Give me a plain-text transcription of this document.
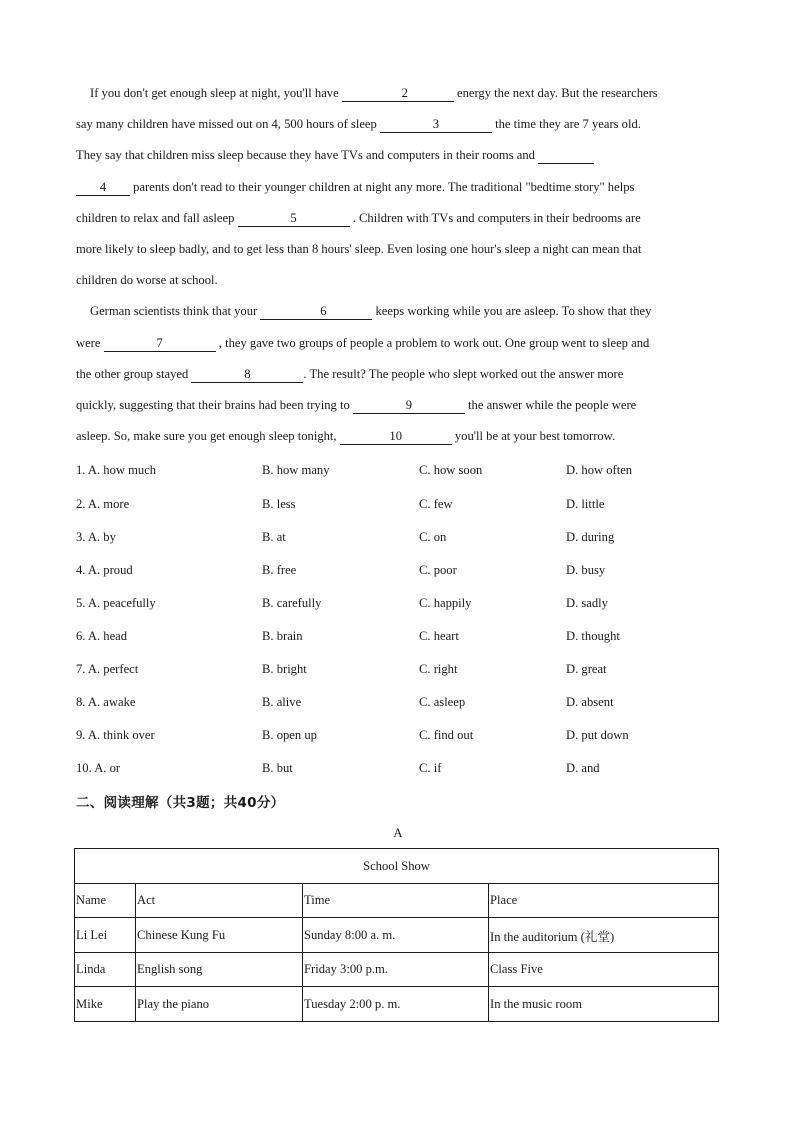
If you don't get enough sleep at night, you'll have	2	energy the next day. But the researchers

say many children have missed out on 4, 500 hours of sleep	3	the time they are 7 years old.

They say that children miss sleep because they have TVs and computers in their rooms and

4 parents don't read to their younger children at night any more. The traditional "bedtime story" helps

children to relax and fall asleep	5	. Children with TVs and computers in their bedrooms are

more likely to sleep badly, and to get less than 8 hours' sleep. Even losing one hour's sleep a night can mean that

children do worse at school.

German scientists think that your	6	keeps working while you are asleep. To show that they

were	7	, they gave two groups of people a problem to work out. One group went to sleep and

the other group stayed	8	. The result? The people who slept worked out the answer more

quickly, suggesting that their brains had been trying to	9	the answer while the people were

asleep. So, make sure you get enough sleep tonight,	10	you'll be at your best tomorrow.

1. A. how much	B. how many	C. how soon	D. how often
2. A. more	B. less	C. few	D. little
3. A. by	B. at	C. on	D. during
4. A. proud	B. free	C. poor	D. busy
5. A. peacefully	B. carefully	C. happily	D. sadly
6. A. head	B. brain	C. heart	D. thought
7. A. perfect	B. bright	C. right	D. great
8. A. awake	B. alive	C. asleep	D. absent
9. A. think over	B. open up	C. find out	D. put down
10. A. or	B. but	C. if	D. and
二、阅读理解（共3题；共40分）
A
School Show			
Name	Act	Time	Place
Li Lei	Chinese Kung Fu	Sunday 8:00 a. m.	In the auditorium (礼堂)
Linda	English song	Friday 3:00 p.m.	Class Five
Mike	Play the piano	Tuesday 2:00 p. m.	In the music room
